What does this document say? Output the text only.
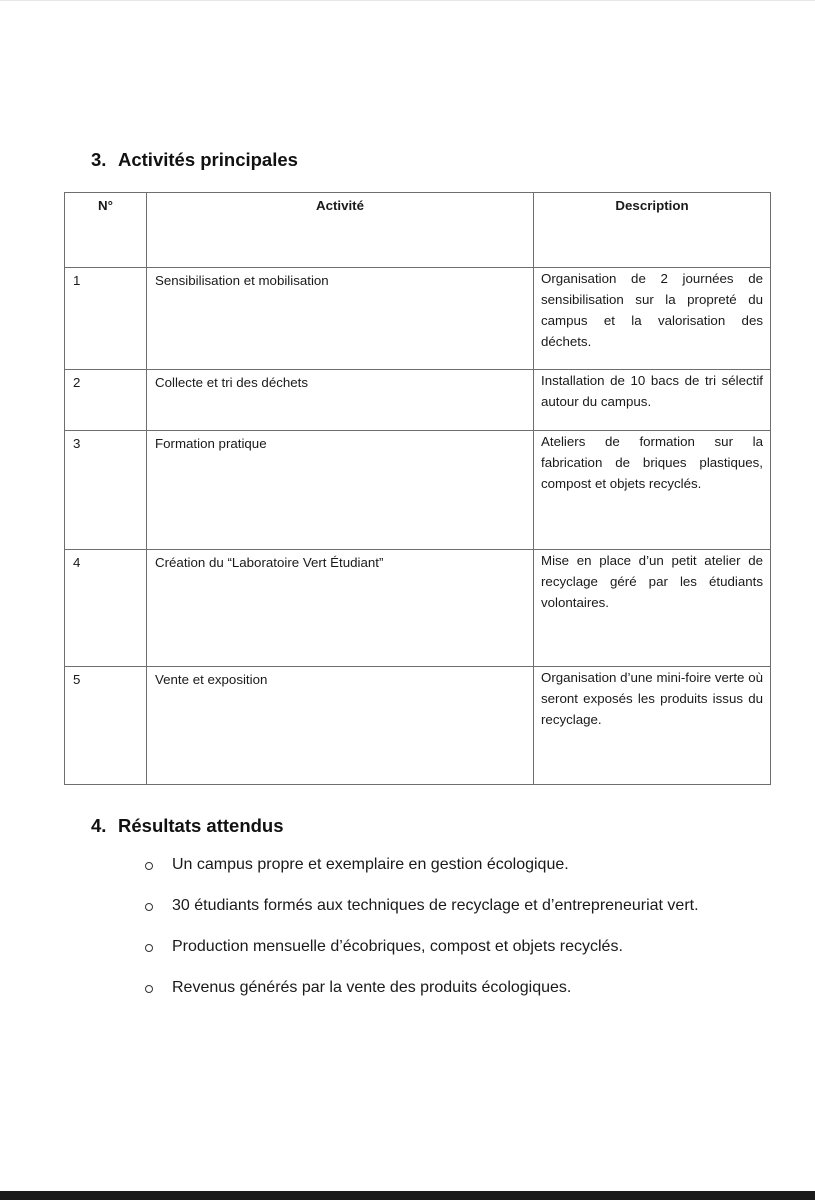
3. Activités principales
N°	Activité	Description
1	Sensibilisation et mobilisation	Organisation de 2 journées de sensibilisation sur la propreté du campus et la valorisation des déchets.
2	Collecte et tri des déchets	Installation de 10 bacs de tri sélectif autour du campus.
3	Formation pratique	Ateliers de formation sur la fabrication de briques plastiques, compost et objets recyclés.
4	Création du “Laboratoire Vert Étudiant”	Mise en place d’un petit atelier de recyclage géré par les étudiants volontaires.
5	Vente et exposition	Organisation d’une mini-foire verte où seront exposés les produits issus du recyclage.
4. Résultats attendus
Un campus propre et exemplaire en gestion écologique.
30 étudiants formés aux techniques de recyclage et d’entrepreneuriat vert.
Production mensuelle d’écobriques, compost et objets recyclés.
Revenus générés par la vente des produits écologiques.
